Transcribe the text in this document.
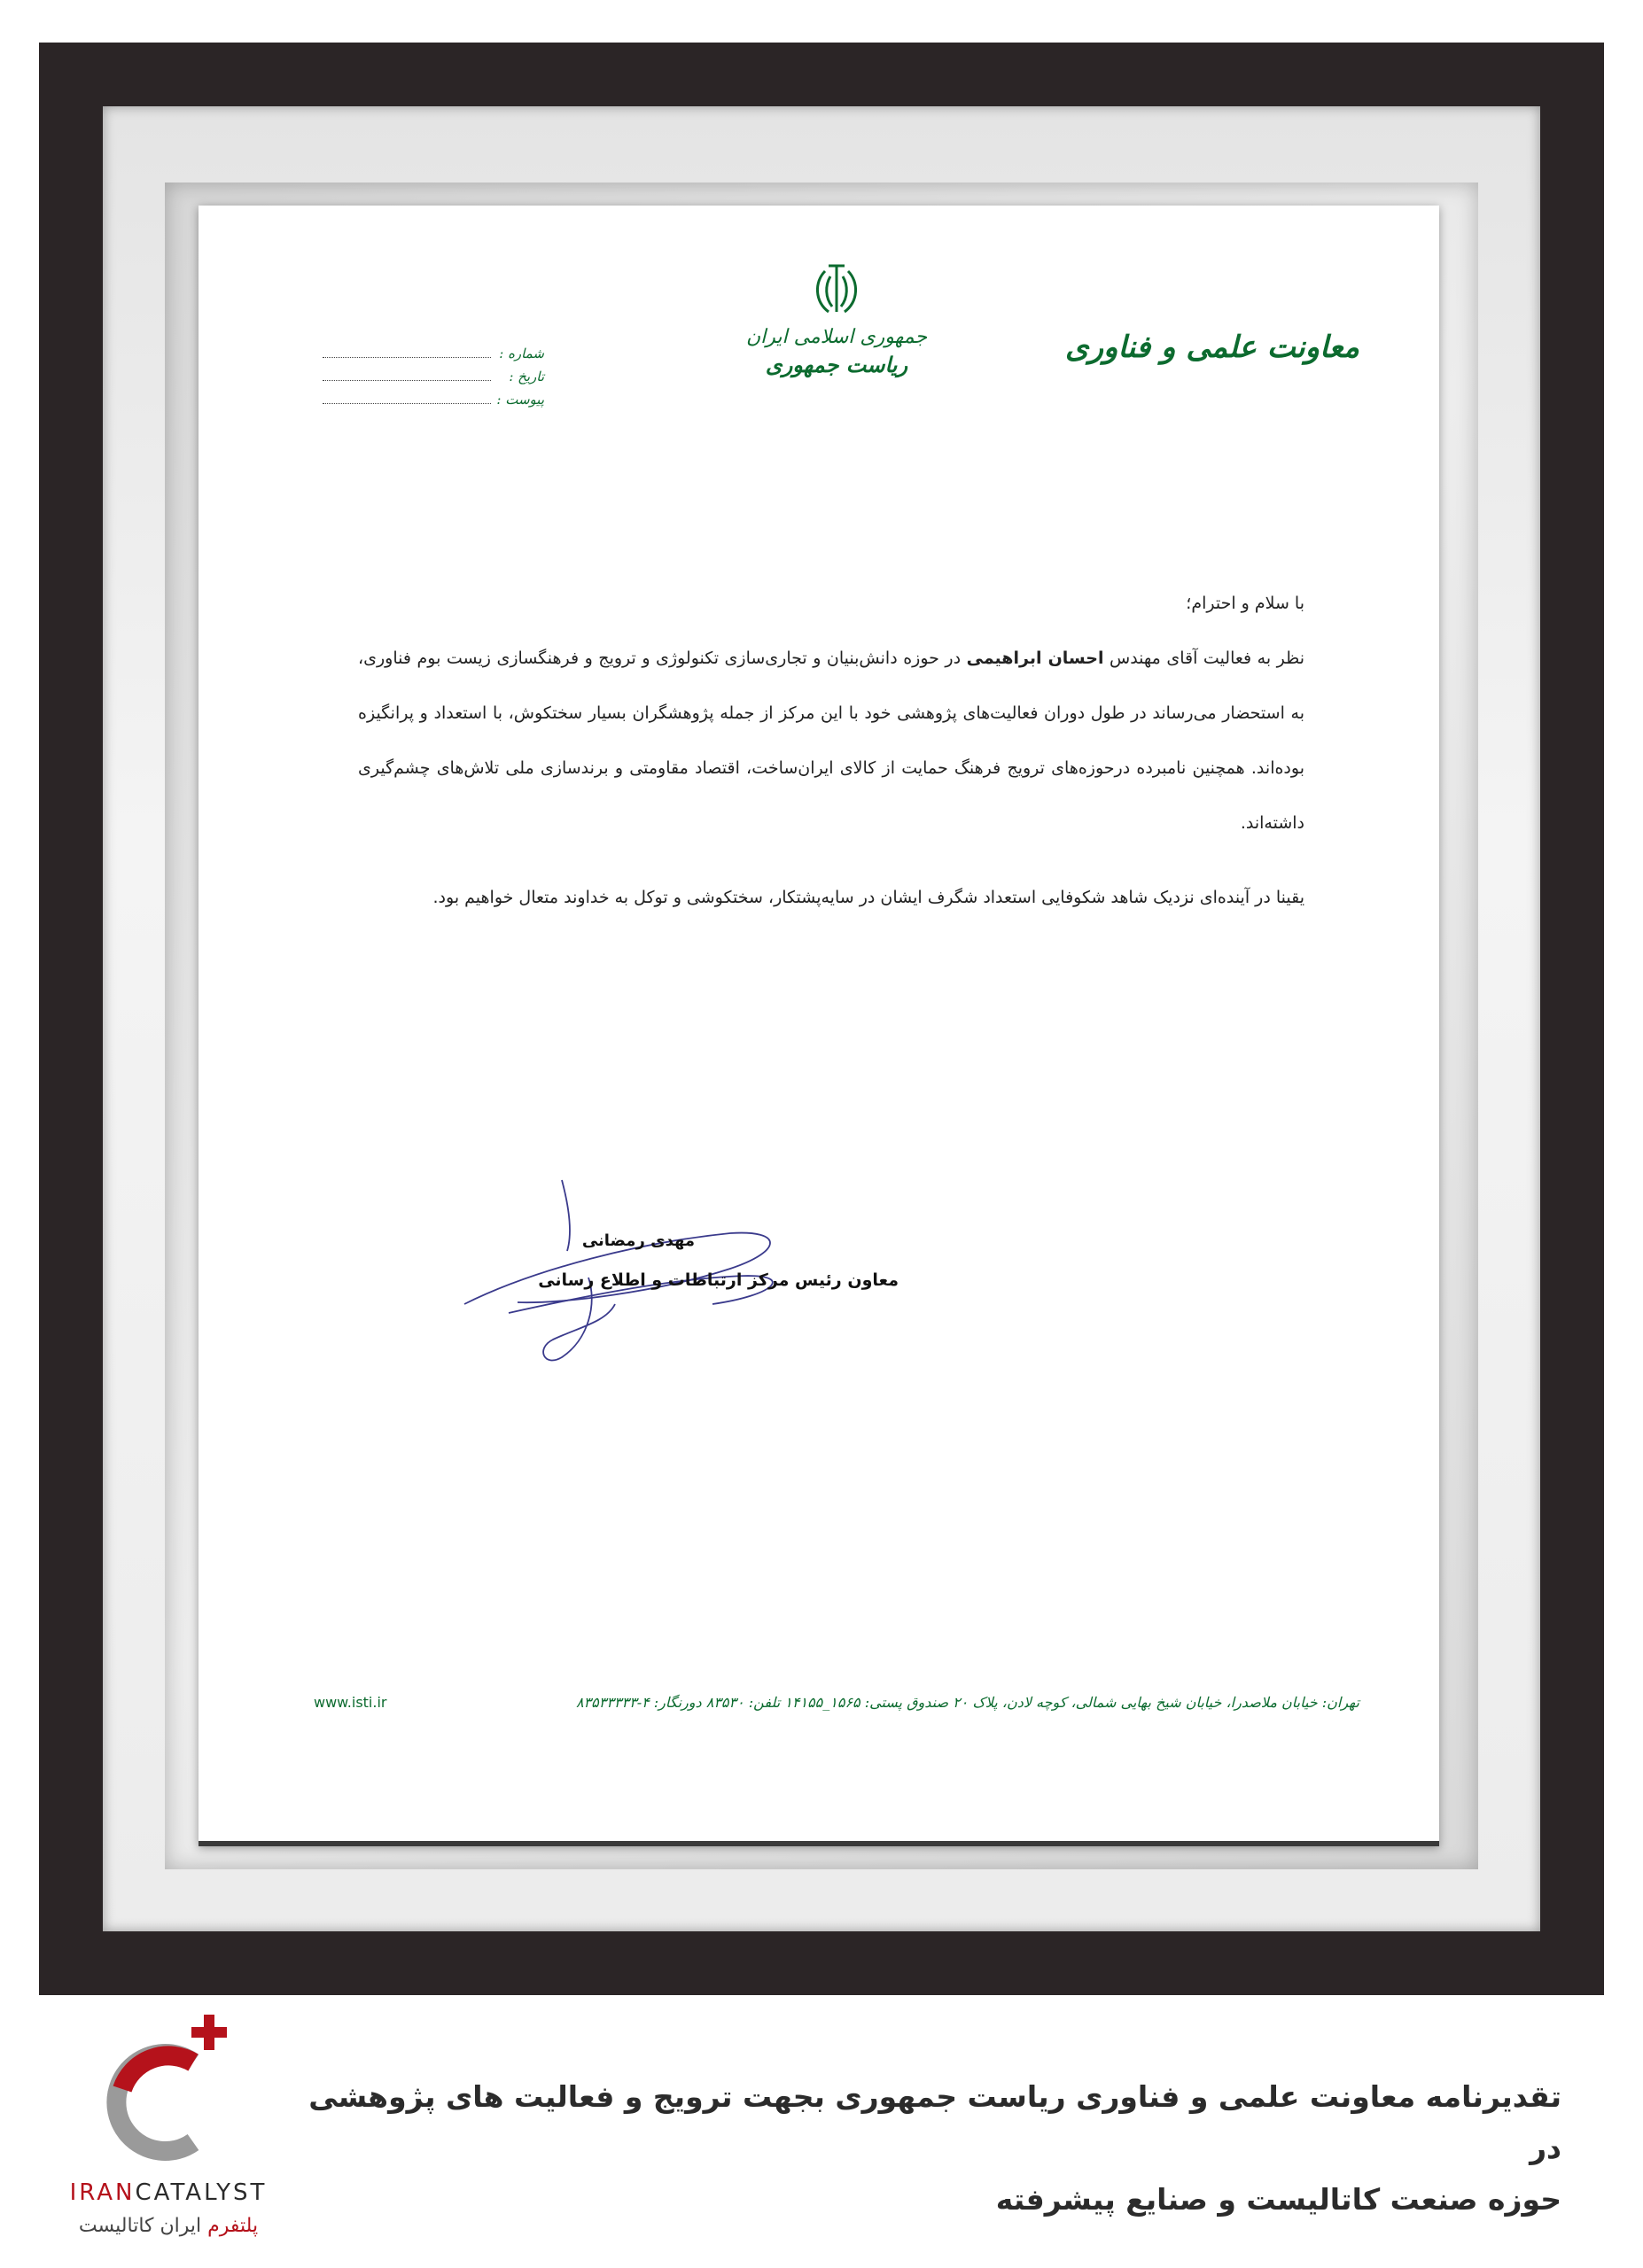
معاونت علمی و فناوری
جمهوری اسلامی ایران
ریاست جمهوری
شماره :
تاریخ :
پیوست :

با سلام و احترام؛

نظر به فعالیت آقای مهندس احسان ابراهیمی در حوزه دانش‌بنیان و تجاری‌سازی تکنولوژی و ترویج و فرهنگسازی زیست بوم فناوری، به استحضار می‌رساند در طول دوران فعالیت‌های پژوهشی خود با این مرکز از جمله پژوهشگران بسیار سختکوش، با استعداد و پرانگیزه بوده‌اند. همچنین نامبرده درحوزه‌های ترویج فرهنگ حمایت از کالای ایران‌ساخت، اقتصاد مقاومتی و برندسازی ملی تلاش‌های چشم‌گیری داشته‌اند.

یقینا در آینده‌ای نزدیک شاهد شکوفایی استعداد شگرف ایشان در سایه‌پشتکار، سختکوشی و توکل به خداوند متعال خواهیم بود.

مهدی رمضانی
معاون رئیس مرکز ارتباطات و اطلاع رسانی
تهران: خیابان ملاصدرا، خیابان شیخ بهایی شمالی، کوچه لادن، پلاک ۲۰ صندوق پستی: ۱۵۶۵_۱۴۱۵۵ تلفن: ۸۳۵۳۰ دورنگار: ۴-۸۳۵۳۳۳۳۳
www.isti.ir
تقدیرنامه معاونت علمی و فناوری ریاست جمهوری بجهت ترویج و فعالیت های پژوهشی در
حوزه صنعت کاتالیست و صنایع پیشرفته
IRANCATALYST
پلتفرم ایران کاتالیست
